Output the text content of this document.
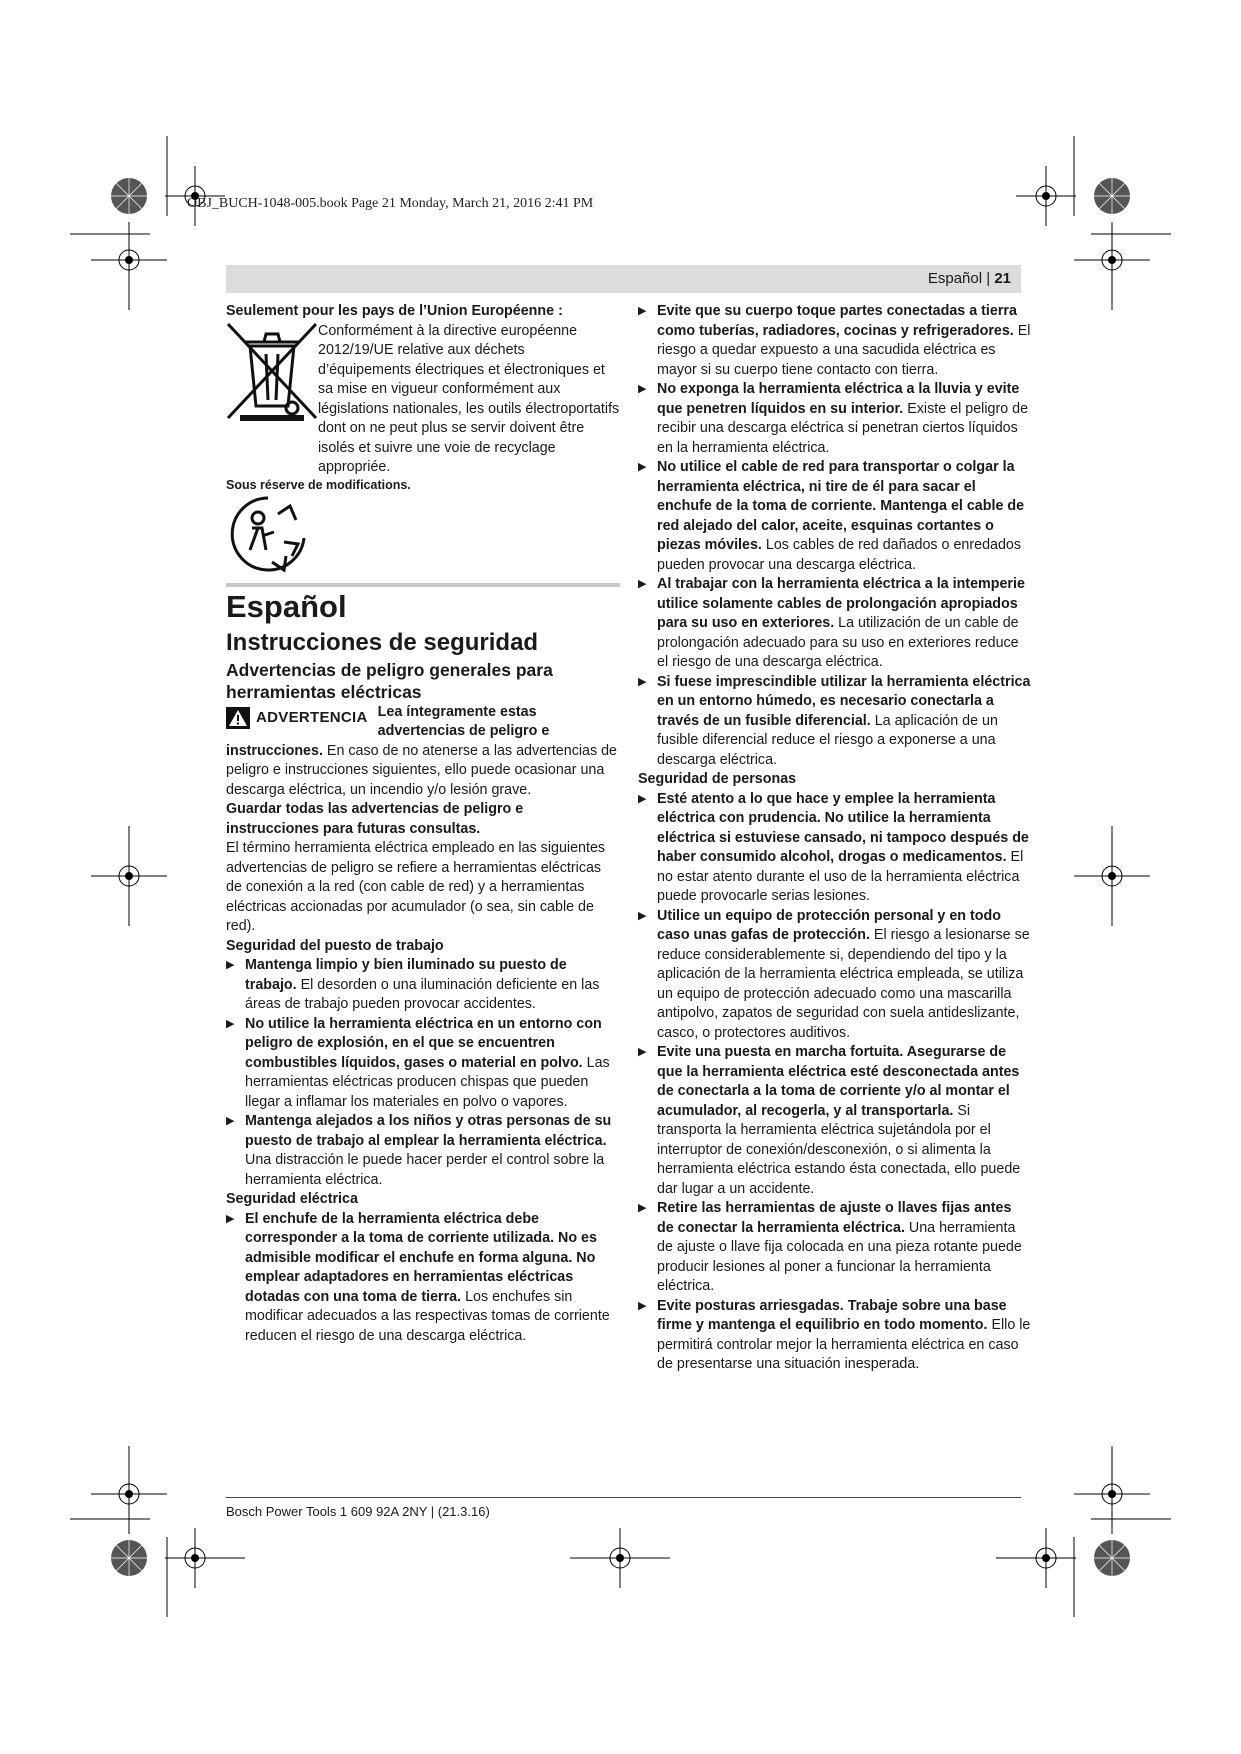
OBJ_BUCH-1048-005.book Page 21 Monday, March 21, 2016 2:41 PM
Español | 21
Seulement pour les pays de l’Union Européenne :
Conformément à la directive européenne 2012/19/UE relative aux déchets d’équipements électriques et électroniques et sa mise en vigueur conformément aux législations nationales, les outils électroportatifs dont on ne peut plus se servir doivent être isolés et suivre une voie de recyclage appropriée.
Sous réserve de modifications.
Español
Instrucciones de seguridad
Advertencias de peligro generales para herramientas eléctricas
ADVERTENCIA Lea íntegramente estas advertencias de peligro e instrucciones. En caso de no atenerse a las advertencias de peligro e instrucciones siguientes, ello puede ocasionar una descarga eléctrica, un incendio y/o lesión grave.
Guardar todas las advertencias de peligro e instrucciones para futuras consultas.
El término herramienta eléctrica empleado en las siguientes advertencias de peligro se refiere a herramientas eléctricas de conexión a la red (con cable de red) y a herramientas eléctricas accionadas por acumulador (o sea, sin cable de red).
Seguridad del puesto de trabajo
▶ Mantenga limpio y bien iluminado su puesto de trabajo. El desorden o una iluminación deficiente en las áreas de trabajo pueden provocar accidentes.
▶ No utilice la herramienta eléctrica en un entorno con peligro de explosión, en el que se encuentren combustibles líquidos, gases o material en polvo. Las herramientas eléctricas producen chispas que pueden llegar a inflamar los materiales en polvo o vapores.
▶ Mantenga alejados a los niños y otras personas de su puesto de trabajo al emplear la herramienta eléctrica. Una distracción le puede hacer perder el control sobre la herramienta eléctrica.
Seguridad eléctrica
▶ El enchufe de la herramienta eléctrica debe corresponder a la toma de corriente utilizada. No es admisible modificar el enchufe en forma alguna. No emplear adaptadores en herramientas eléctricas dotadas con una toma de tierra. Los enchufes sin modificar adecuados a las respectivas tomas de corriente reducen el riesgo de una descarga eléctrica.
▶ Evite que su cuerpo toque partes conectadas a tierra como tuberías, radiadores, cocinas y refrigeradores. El riesgo a quedar expuesto a una sacudida eléctrica es mayor si su cuerpo tiene contacto con tierra.
▶ No exponga la herramienta eléctrica a la lluvia y evite que penetren líquidos en su interior. Existe el peligro de recibir una descarga eléctrica si penetran ciertos líquidos en la herramienta eléctrica.
▶ No utilice el cable de red para transportar o colgar la herramienta eléctrica, ni tire de él para sacar el enchufe de la toma de corriente. Mantenga el cable de red alejado del calor, aceite, esquinas cortantes o piezas móviles. Los cables de red dañados o enredados pueden provocar una descarga eléctrica.
▶ Al trabajar con la herramienta eléctrica a la intemperie utilice solamente cables de prolongación apropiados para su uso en exteriores. La utilización de un cable de prolongación adecuado para su uso en exteriores reduce el riesgo de una descarga eléctrica.
▶ Si fuese imprescindible utilizar la herramienta eléctrica en un entorno húmedo, es necesario conectarla a través de un fusible diferencial. La aplicación de un fusible diferencial reduce el riesgo a exponerse a una descarga eléctrica.
Seguridad de personas
▶ Esté atento a lo que hace y emplee la herramienta eléctrica con prudencia. No utilice la herramienta eléctrica si estuviese cansado, ni tampoco después de haber consumido alcohol, drogas o medicamentos. El no estar atento durante el uso de la herramienta eléctrica puede provocarle serias lesiones.
▶ Utilice un equipo de protección personal y en todo caso unas gafas de protección. El riesgo a lesionarse se reduce considerablemente si, dependiendo del tipo y la aplicación de la herramienta eléctrica empleada, se utiliza un equipo de protección adecuado como una mascarilla antipolvo, zapatos de seguridad con suela antideslizante, casco, o protectores auditivos.
▶ Evite una puesta en marcha fortuita. Asegurarse de que la herramienta eléctrica esté desconectada antes de conectarla a la toma de corriente y/o al montar el acumulador, al recogerla, y al transportarla. Si transporta la herramienta eléctrica sujetándola por el interruptor de conexión/desconexión, o si alimenta la herramienta eléctrica estando ésta conectada, ello puede dar lugar a un accidente.
▶ Retire las herramientas de ajuste o llaves fijas antes de conectar la herramienta eléctrica. Una herramienta de ajuste o llave fija colocada en una pieza rotante puede producir lesiones al poner a funcionar la herramienta eléctrica.
▶ Evite posturas arriesgadas. Trabaje sobre una base firme y mantenga el equilibrio en todo momento. Ello le permitirá controlar mejor la herramienta eléctrica en caso de presentarse una situación inesperada.
Bosch Power Tools 1 609 92A 2NY | (21.3.16)
